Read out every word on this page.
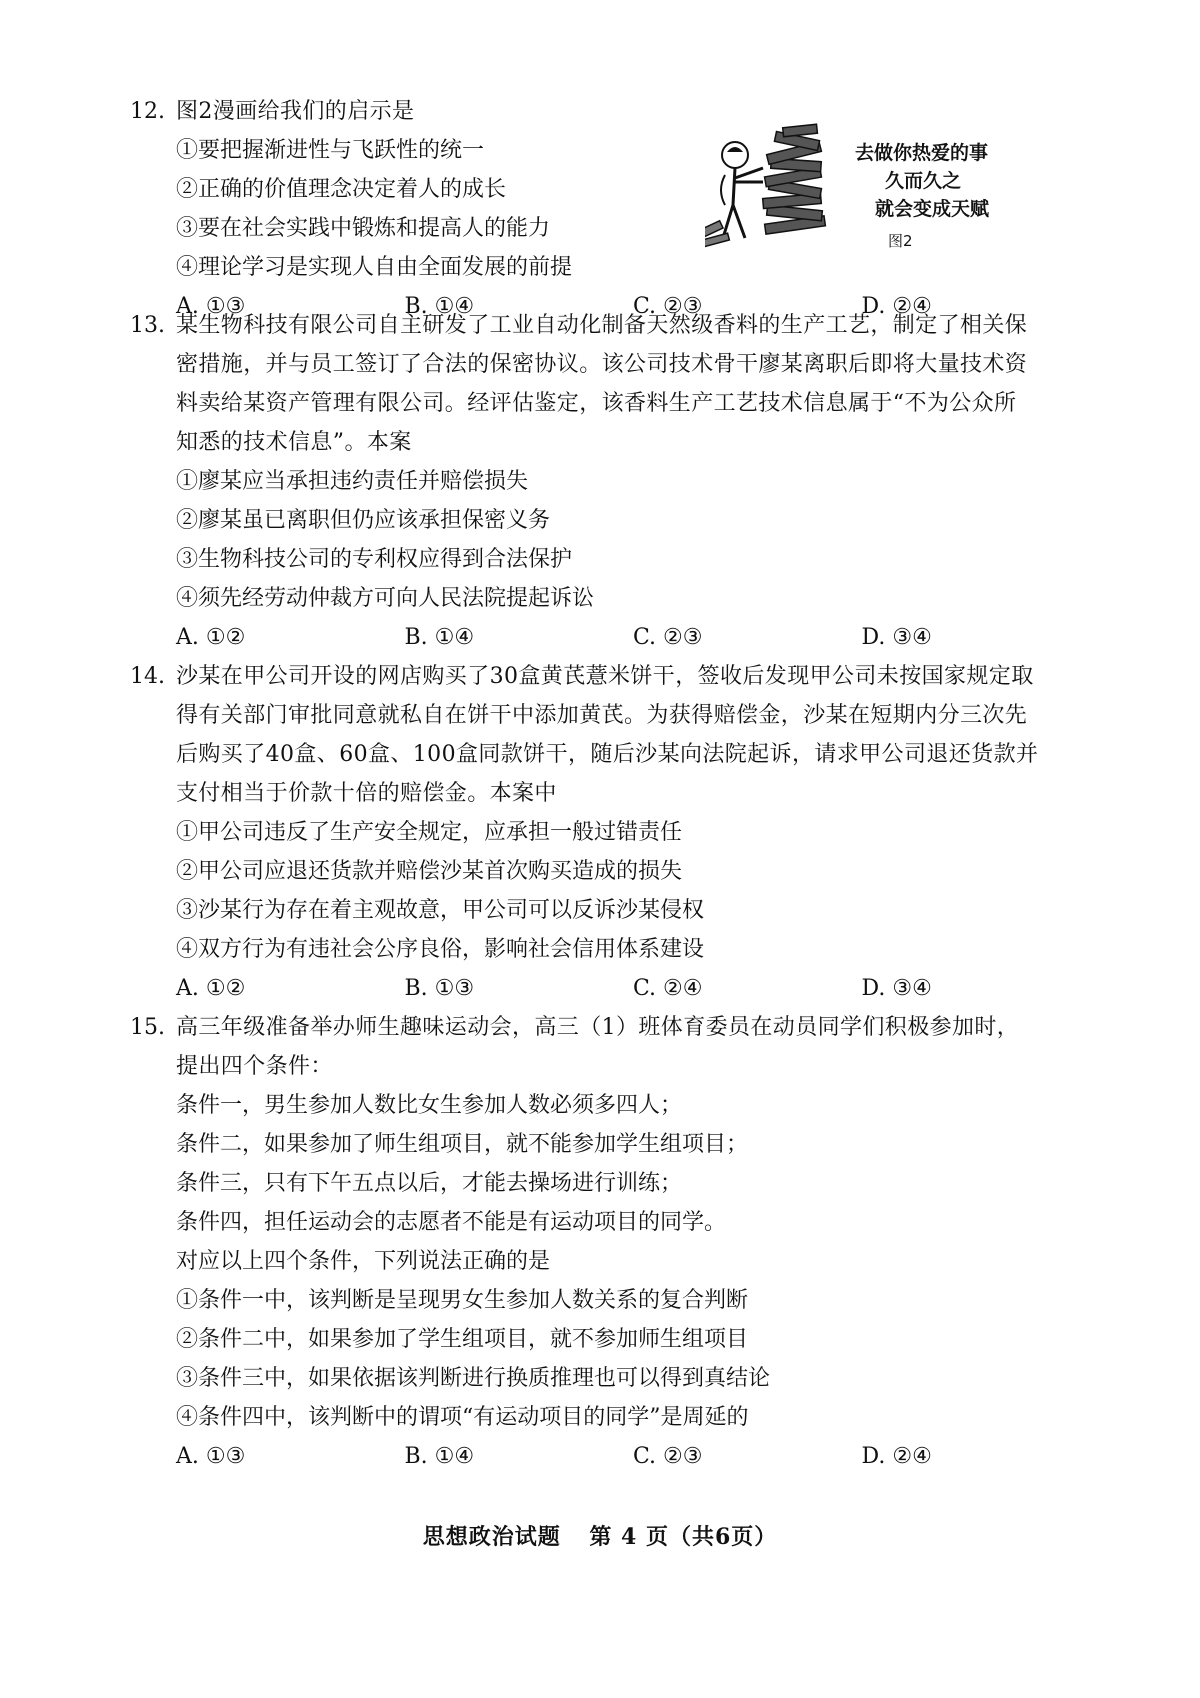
12. 图2漫画给我们的启示是
①要把握渐进性与飞跃性的统一
②正确的价值理念决定着人的成长
③要在社会实践中锻炼和提高人的能力
④理论学习是实现人自由全面发展的前提
A. ①③	B. ①④	C. ②③	D. ②④
去做你热爱的事
久而久之
就会变成天赋
图2
13. 某生物科技有限公司自主研发了工业自动化制备天然级香料的生产工艺，制定了相关保
密措施，并与员工签订了合法的保密协议。该公司技术骨干廖某离职后即将大量技术资
料卖给某资产管理有限公司。经评估鉴定，该香料生产工艺技术信息属于“不为公众所
知悉的技术信息”。本案
①廖某应当承担违约责任并赔偿损失
②廖某虽已离职但仍应该承担保密义务
③生物科技公司的专利权应得到合法保护
④须先经劳动仲裁方可向人民法院提起诉讼
A. ①②	B. ①④	C. ②③	D. ③④
14. 沙某在甲公司开设的网店购买了30盒黄芪薏米饼干，签收后发现甲公司未按国家规定取
得有关部门审批同意就私自在饼干中添加黄芪。为获得赔偿金，沙某在短期内分三次先
后购买了40盒、60盒、100盒同款饼干，随后沙某向法院起诉，请求甲公司退还货款并
支付相当于价款十倍的赔偿金。本案中
①甲公司违反了生产安全规定，应承担一般过错责任
②甲公司应退还货款并赔偿沙某首次购买造成的损失
③沙某行为存在着主观故意，甲公司可以反诉沙某侵权
④双方行为有违社会公序良俗，影响社会信用体系建设
A. ①②	B. ①③	C. ②④	D. ③④
15. 高三年级准备举办师生趣味运动会，高三（1）班体育委员在动员同学们积极参加时，
提出四个条件：
条件一，男生参加人数比女生参加人数必须多四人；
条件二，如果参加了师生组项目，就不能参加学生组项目；
条件三，只有下午五点以后，才能去操场进行训练；
条件四，担任运动会的志愿者不能是有运动项目的同学。
对应以上四个条件，下列说法正确的是
①条件一中，该判断是呈现男女生参加人数关系的复合判断
②条件二中，如果参加了学生组项目，就不参加师生组项目
③条件三中，如果依据该判断进行换质推理也可以得到真结论
④条件四中，该判断中的谓项“有运动项目的同学”是周延的
A. ①③	B. ①④	C. ②③	D. ②④
思想政治试题 第 4 页（共6页）
